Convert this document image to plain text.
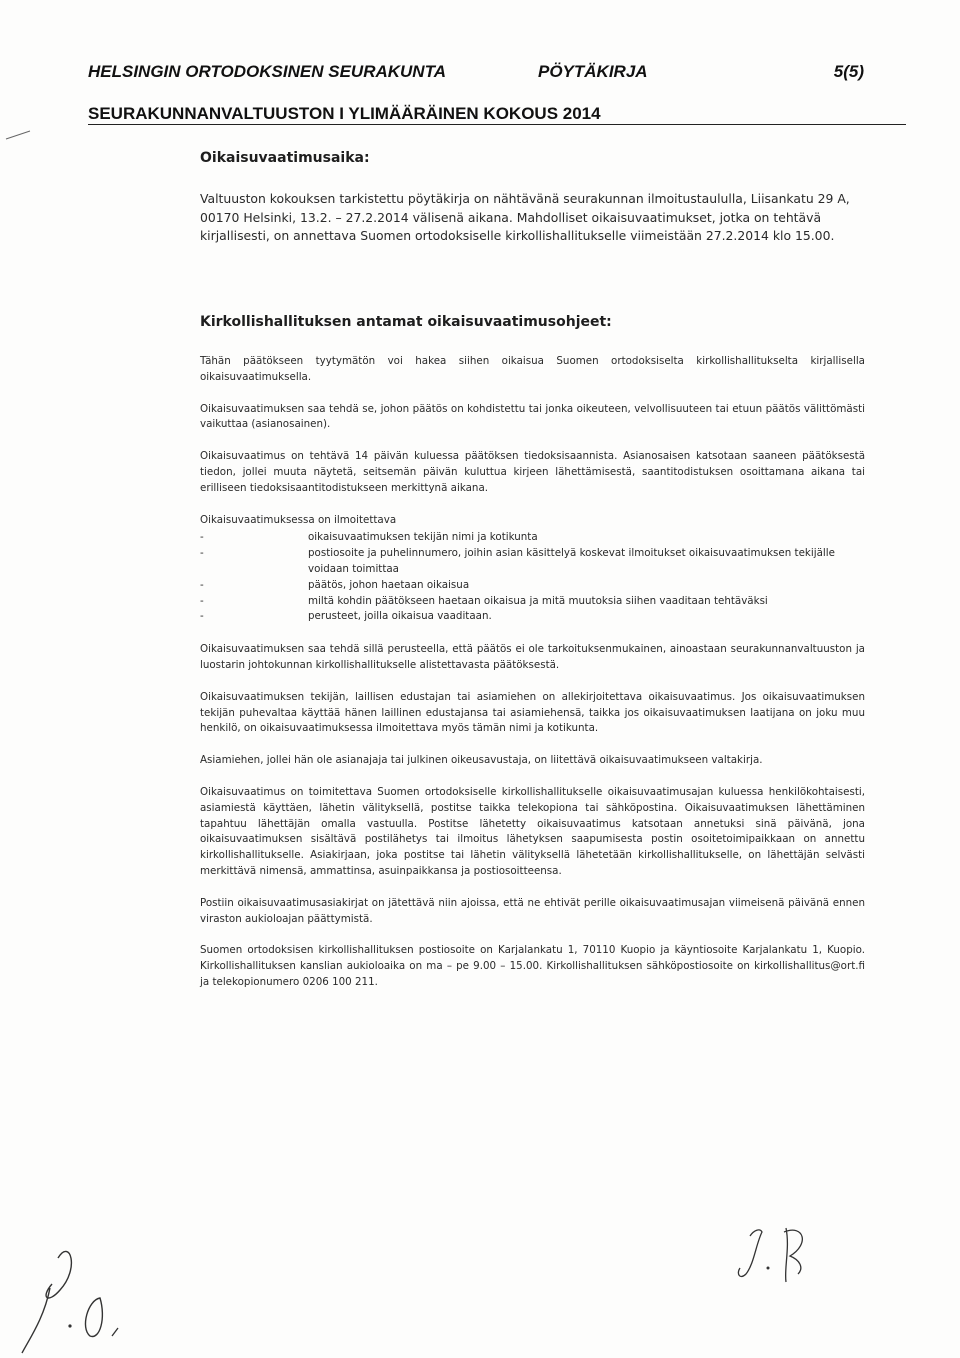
HELSINGIN ORTODOKSINEN SEURAKUNTA	PÖYTÄKIRJA	5(5)
SEURAKUNNANVALTUUSTON I YLIMÄÄRÄINEN KOKOUS 2014

Oikaisuvaatimusaika:

Valtuuston kokouksen tarkistettu pöytäkirja on nähtävänä seurakunnan ilmoitustaululla, Liisankatu 29 A, 00170 Helsinki, 13.2. – 27.2.2014 välisenä aikana. Mahdolliset oikaisuvaatimukset, jotka on tehtävä kirjallisesti, on annettava Suomen ortodoksiselle kirkollishallitukselle viimeistään 27.2.2014 klo 15.00.

Kirkollishallituksen antamat oikaisuvaatimusohjeet:

Tähän päätökseen tyytymätön voi hakea siihen oikaisua Suomen ortodoksiselta kirkollishallitukselta kirjallisella oikaisuvaatimuksella.

Oikaisuvaatimuksen saa tehdä se, johon päätös on kohdistettu tai jonka oikeuteen, velvollisuuteen tai etuun päätös välittömästi vaikuttaa (asianosainen).

Oikaisuvaatimus on tehtävä 14 päivän kuluessa päätöksen tiedoksisaannista. Asianosaisen katsotaan saaneen päätöksestä tiedon, jollei muuta näytetä, seitsemän päivän kuluttua kirjeen lähettämisestä, saantitodistuksen osoittamana aikana tai erilliseen tiedoksisaantitodistukseen merkittynä aikana.

Oikaisuvaatimuksessa on ilmoitettava

-	oikaisuvaatimuksen tekijän nimi ja kotikunta
-	postiosoite ja puhelinnumero, joihin asian käsittelyä koskevat ilmoitukset oikaisuvaatimuksen tekijälle voidaan toimittaa
-	päätös, johon haetaan oikaisua
-	miltä kohdin päätökseen haetaan oikaisua ja mitä muutoksia siihen vaaditaan tehtäväksi
-	perusteet, joilla oikaisua vaaditaan.

Oikaisuvaatimuksen saa tehdä sillä perusteella, että päätös ei ole tarkoituksenmukainen, ainoastaan seurakunnanvaltuuston ja luostarin johtokunnan kirkollishallitukselle alistettavasta päätöksestä.

Oikaisuvaatimuksen tekijän, laillisen edustajan tai asiamiehen on allekirjoitettava oikaisuvaatimus. Jos oikaisuvaatimuksen tekijän puhevaltaa käyttää hänen laillinen edustajansa tai asiamiehensä, taikka jos oikaisuvaatimuksen laatijana on joku muu henkilö, on oikaisuvaatimuksessa ilmoitettava myös tämän nimi ja kotikunta.

Asiamiehen, jollei hän ole asianajaja tai julkinen oikeusavustaja, on liitettävä oikaisuvaatimukseen valtakirja.

Oikaisuvaatimus on toimitettava Suomen ortodoksiselle kirkollishallitukselle oikaisuvaatimusajan kuluessa henkilökohtaisesti, asiamiestä käyttäen, lähetin välityksellä, postitse taikka telekopiona tai sähköpostina. Oikaisuvaatimuksen lähettäminen tapahtuu lähettäjän omalla vastuulla. Postitse lähetetty oikaisuvaatimus katsotaan annetuksi sinä päivänä, jona oikaisuvaatimuksen sisältävä postilähetys tai ilmoitus lähetyksen saapumisesta postin osoitetoimipaikkaan on annettu kirkollishallitukselle. Asiakirjaan, joka postitse tai lähetin välityksellä lähetetään kirkollishallitukselle, on lähettäjän selvästi merkittävä nimensä, ammattinsa, asuinpaikkansa ja postiosoitteensa.

Postiin oikaisuvaatimusasiakirjat on jätettävä niin ajoissa, että ne ehtivät perille oikaisuvaatimusajan viimeisenä päivänä ennen viraston aukioloajan päättymistä.

Suomen ortodoksisen kirkollishallituksen postiosoite on Karjalankatu 1, 70110 Kuopio ja käyntiosoite Karjalankatu 1, Kuopio. Kirkollishallituksen kanslian aukioloaika on ma – pe 9.00 – 15.00. Kirkollishallituksen sähköpostiosoite on kirkollishallitus@ort.fi ja telekopionumero 0206 100 211.
